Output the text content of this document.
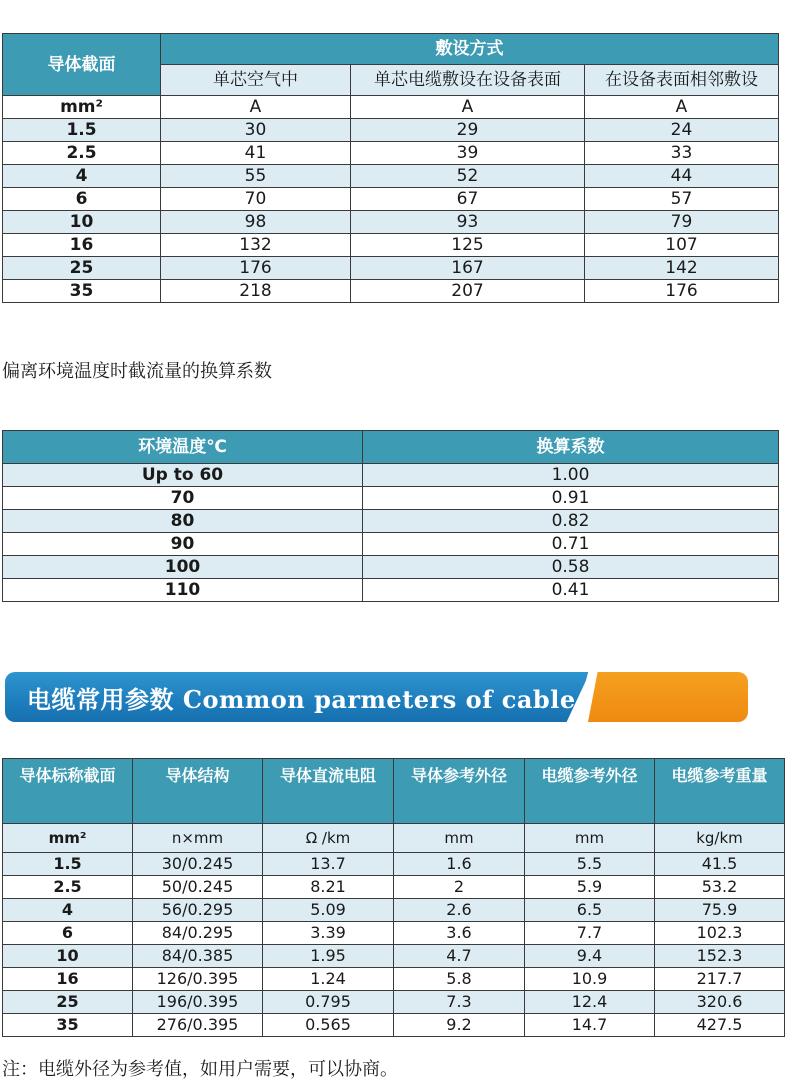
导体截面	敷设方式		
	单芯空气中	单芯电缆敷设在设备表面	在设备表面相邻敷设
mm²	A	A	A
1.5	30	29	24
2.5	41	39	33
4	55	52	44
6	70	67	57
10	98	93	79
16	132	125	107
25	176	167	142
35	218	207	176
偏离环境温度时截流量的换算系数
环境温度℃	换算系数
Up to 60	1.00
70	0.91
80	0.82
90	0.71
100	0.58
110	0.41
电缆常用参数 Common parmeters of cable
导体标称截面	导体结构	导体直流电阻	导体参考外径	电缆参考外径	电缆参考重量
mm²	n×mm	Ω /km	mm	mm	kg/km
1.5	30/0.245	13.7	1.6	5.5	41.5
2.5	50/0.245	8.21	2	5.9	53.2
4	56/0.295	5.09	2.6	6.5	75.9
6	84/0.295	3.39	3.6	7.7	102.3
10	84/0.385	1.95	4.7	9.4	152.3
16	126/0.395	1.24	5.8	10.9	217.7
25	196/0.395	0.795	7.3	12.4	320.6
35	276/0.395	0.565	9.2	14.7	427.5
注：电缆外径为参考值，如用户需要，可以协商。
